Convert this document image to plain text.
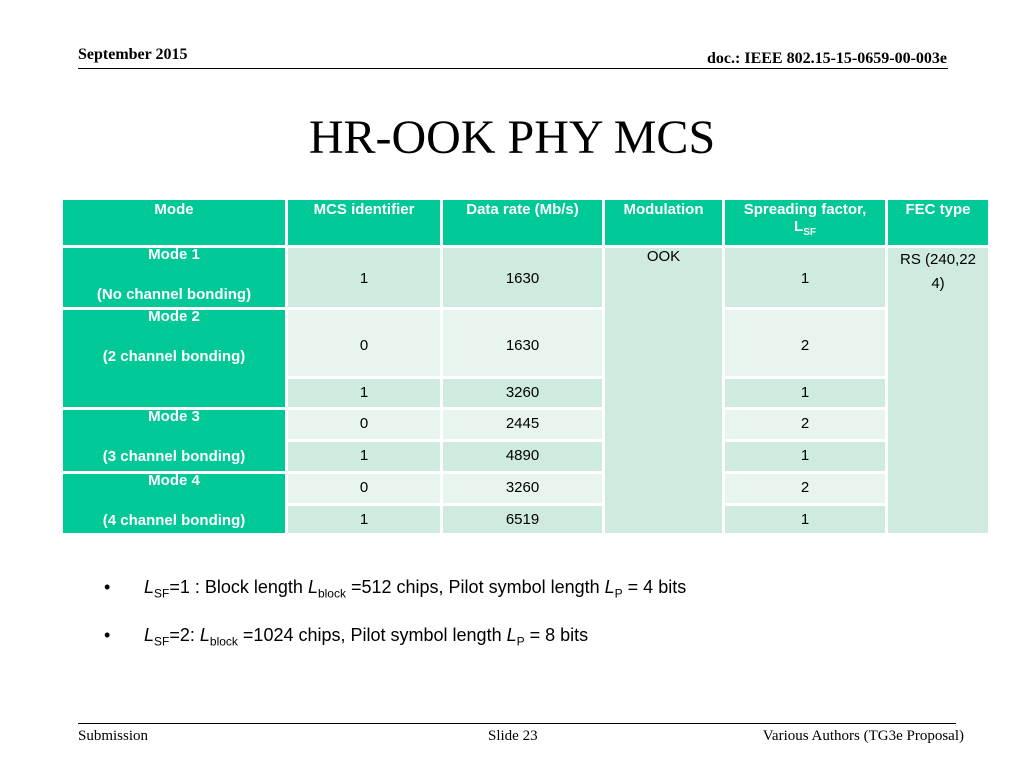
September 2015	doc.: IEEE 802.15-15-0659-00-003e
HR-OOK PHY MCS
Mode	MCS identifier	Data rate (Mb/s)	Modulation	Spreading factor,
$L_{SF}$	FEC type

Mode 1
(No channel bonding)	1	1630	OOK	1	RS (240,22 4)

Mode 2
(2 channel bonding)	0	1630		2	
	1	3260		1	

Mode 3
(3 channel bonding)	0	2445		2	
	1	4890		1	

Mode 4
(4 channel bonding)	0	3260		2	
	1	6519		1	
• $L_{SF}=1$ : Block length $L_{block} =512$ chips, Pilot symbol length $L_P = 4$ bits
• $L_{SF}=2$: $L_{block} =1024$ chips, Pilot symbol length $L_P = 8$ bits
Submission	Slide 23	Various Authors (TG3e Proposal)
